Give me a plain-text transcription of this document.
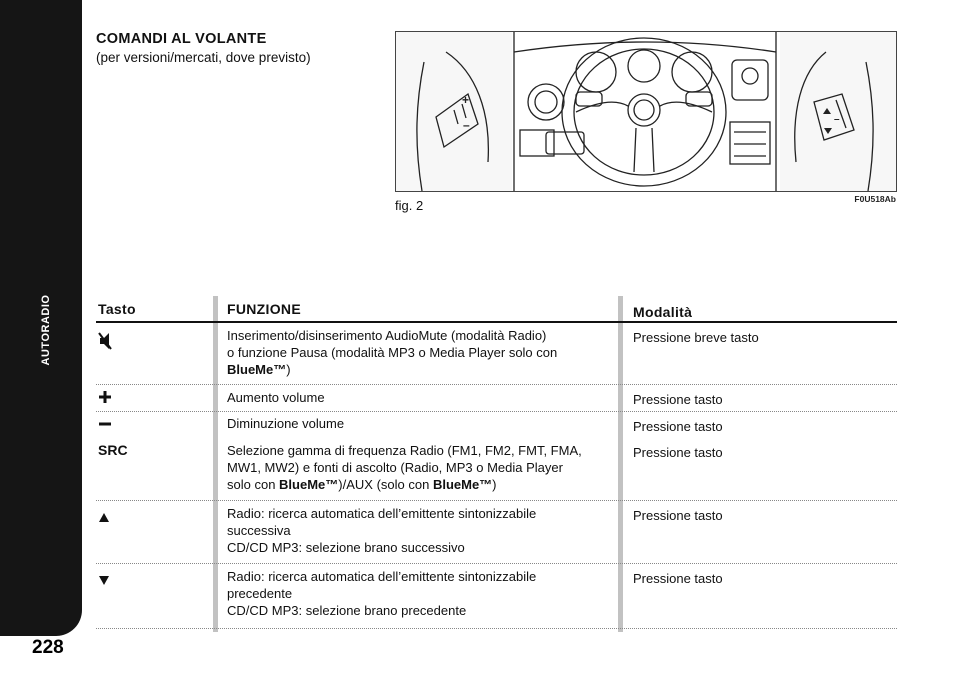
AUTORADIO
228
COMANDI AL VOLANTE
(per versioni/mercati, dove previsto)
+
–	–
fig. 2	F0U518Ab
Tasto	FUNZIONE	Modalità
Inserimento/disinserimento AudioMute (modalità Radio)
o funzione Pausa (modalità MP3 o Media Player solo con
BlueMe™)
Pressione breve tasto
Aumento volume	Pressione tasto
Diminuzione volume	Pressione tasto
SRC	Selezione gamma di frequenza Radio (FM1, FM2, FMT, FMA,
MW1, MW2) e fonti di ascolto (Radio, MP3 o Media Player
solo con BlueMe™)/AUX (solo con BlueMe™)
Pressione tasto
Radio: ricerca automatica dell’emittente sintonizzabile
successiva
CD/CD MP3: selezione brano successivo
Pressione tasto
Radio: ricerca automatica dell’emittente sintonizzabile
precedente
CD/CD MP3: selezione brano precedente
Pressione tasto
